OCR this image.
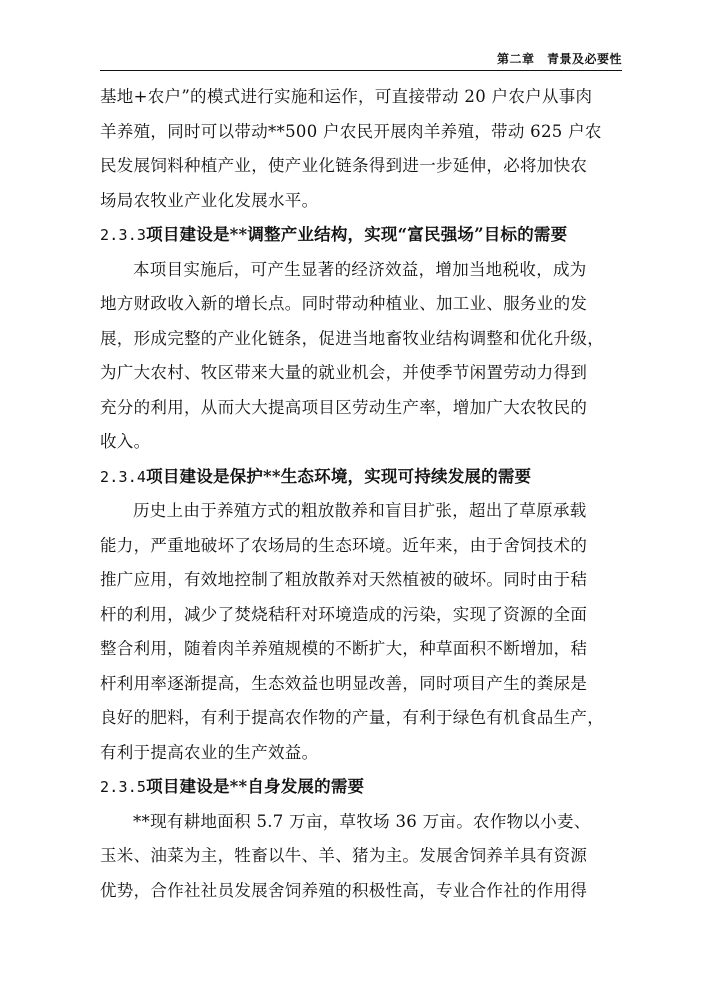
第二章　青景及必要性
基地+农户”的模式进行实施和运作，可直接带动 20 户农户从事肉
羊养殖，同时可以带动**500 户农民开展肉羊养殖，带动 625 户农
民发展饲料种植产业，使产业化链条得到进一步延伸，必将加快农
场局农牧业产业化发展水平。
2.3.3项目建设是**调整产业结构，实现“富民强场”目标的需要
本项目实施后，可产生显著的经济效益，增加当地税收，成为
地方财政收入新的增长点。同时带动种植业、加工业、服务业的发
展，形成完整的产业化链条，促进当地畜牧业结构调整和优化升级，
为广大农村、牧区带来大量的就业机会，并使季节闲置劳动力得到
充分的利用，从而大大提高项目区劳动生产率，增加广大农牧民的
收入。
2.3.4项目建设是保护**生态环境，实现可持续发展的需要
历史上由于养殖方式的粗放散养和盲目扩张，超出了草原承载
能力，严重地破坏了农场局的生态环境。近年来，由于舍饲技术的
推广应用，有效地控制了粗放散养对天然植被的破坏。同时由于秸
杆的利用，减少了焚烧秸秆对环境造成的污染，实现了资源的全面
整合利用，随着肉羊养殖规模的不断扩大，种草面积不断增加，秸
杆利用率逐渐提高，生态效益也明显改善，同时项目产生的粪尿是
良好的肥料，有利于提高农作物的产量，有利于绿色有机食品生产，
有利于提高农业的生产效益。
2.3.5项目建设是**自身发展的需要
**现有耕地面积 5.7 万亩，草牧场 36 万亩。农作物以小麦、
玉米、油菜为主，牲畜以牛、羊、猪为主。发展舍饲养羊具有资源
优势，合作社社员发展舍饲养殖的积极性高，专业合作社的作用得
